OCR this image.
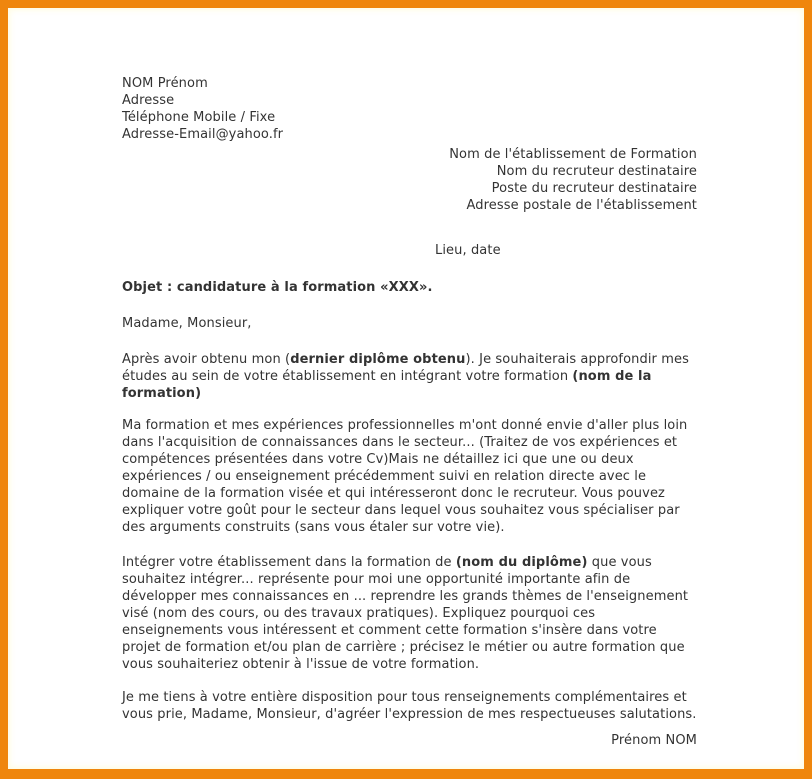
NOM Prénom
Adresse
Téléphone Mobile / Fixe
Adresse-Email@yahoo.fr
Nom de l'établissement de Formation
Nom du recruteur destinataire
Poste du recruteur destinataire
Adresse postale de l'établissement
Lieu, date
Objet : candidature à la formation «XXX».
Madame, Monsieur,

Après avoir obtenu mon (dernier diplôme obtenu). Je souhaiterais approfondir mes études au sein de votre établissement en intégrant votre formation (nom de la formation)

Ma formation et mes expériences professionnelles m'ont donné envie d'aller plus loin dans l'acquisition de connaissances dans le secteur... (Traitez de vos expériences et compétences présentées dans votre Cv)Mais ne détaillez ici que une ou deux expériences / ou enseignement précédemment suivi en relation directe avec le domaine de la formation visée et qui intéresseront donc le recruteur. Vous pouvez expliquer votre goût pour le secteur dans lequel vous souhaitez vous spécialiser par des arguments construits (sans vous étaler sur votre vie).

Intégrer votre établissement dans la formation de (nom du diplôme) que vous souhaitez intégrer... représente pour moi une opportunité importante afin de développer mes connaissances en ... reprendre les grands thèmes de l'enseignement visé (nom des cours, ou des travaux pratiques). Expliquez pourquoi ces enseignements vous intéressent et comment cette formation s'insère dans votre projet de formation et/ou plan de carrière ; précisez le métier ou autre formation que vous souhaiteriez obtenir à l'issue de votre formation.

Je me tiens à votre entière disposition pour tous renseignements complémentaires et vous prie, Madame, Monsieur, d'agréer l'expression de mes respectueuses salutations.

Prénom NOM
